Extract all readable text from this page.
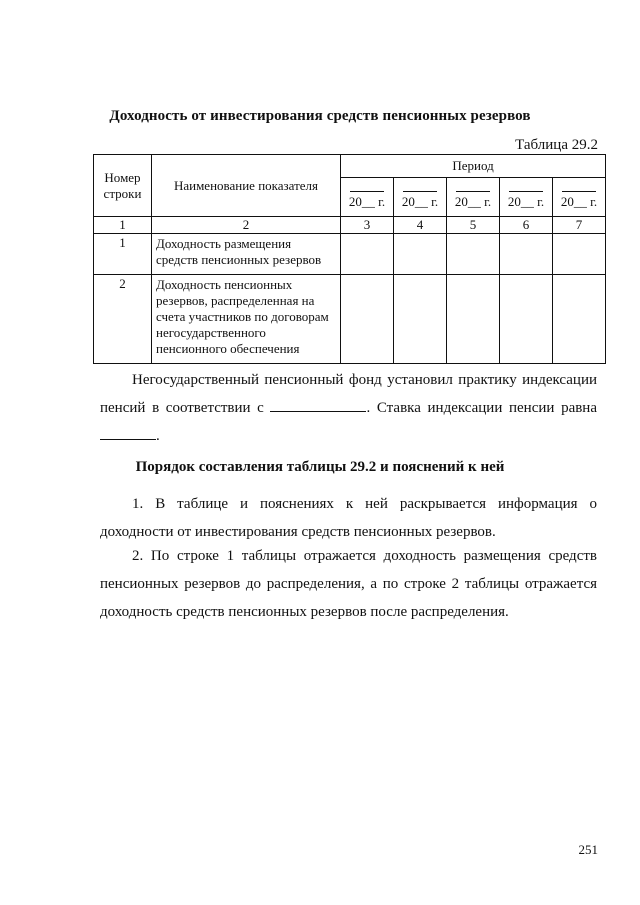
Доходность от инвестирования средств пенсионных резервов
Таблица 29.2
Номер строки	Наименование показателя	Период				

		20__ г.	20__ г.	20__ г.	20__ г.	20__ г.

1	2	3	4	5	6	7
1	Доходность размещения средств пенсионных резервов					
2	Доходность пенсионных резервов, распределенная на счета участников по договорам негосударственного пенсионного обеспечения					
Негосударственный пенсионный фонд установил практику индексации пенсий в соответствии с	. Ставка индексации пенсии равна .
Порядок составления таблицы 29.2 и пояснений к ней
1. В таблице и пояснениях к ней раскрывается информация о доходности от инвестирования средств пенсионных резервов.
2. По строке 1 таблицы отражается доходность размещения средств пенсионных резервов до распределения, а по строке 2 таблицы отражается доходность средств пенсионных резервов после распределения.
251
